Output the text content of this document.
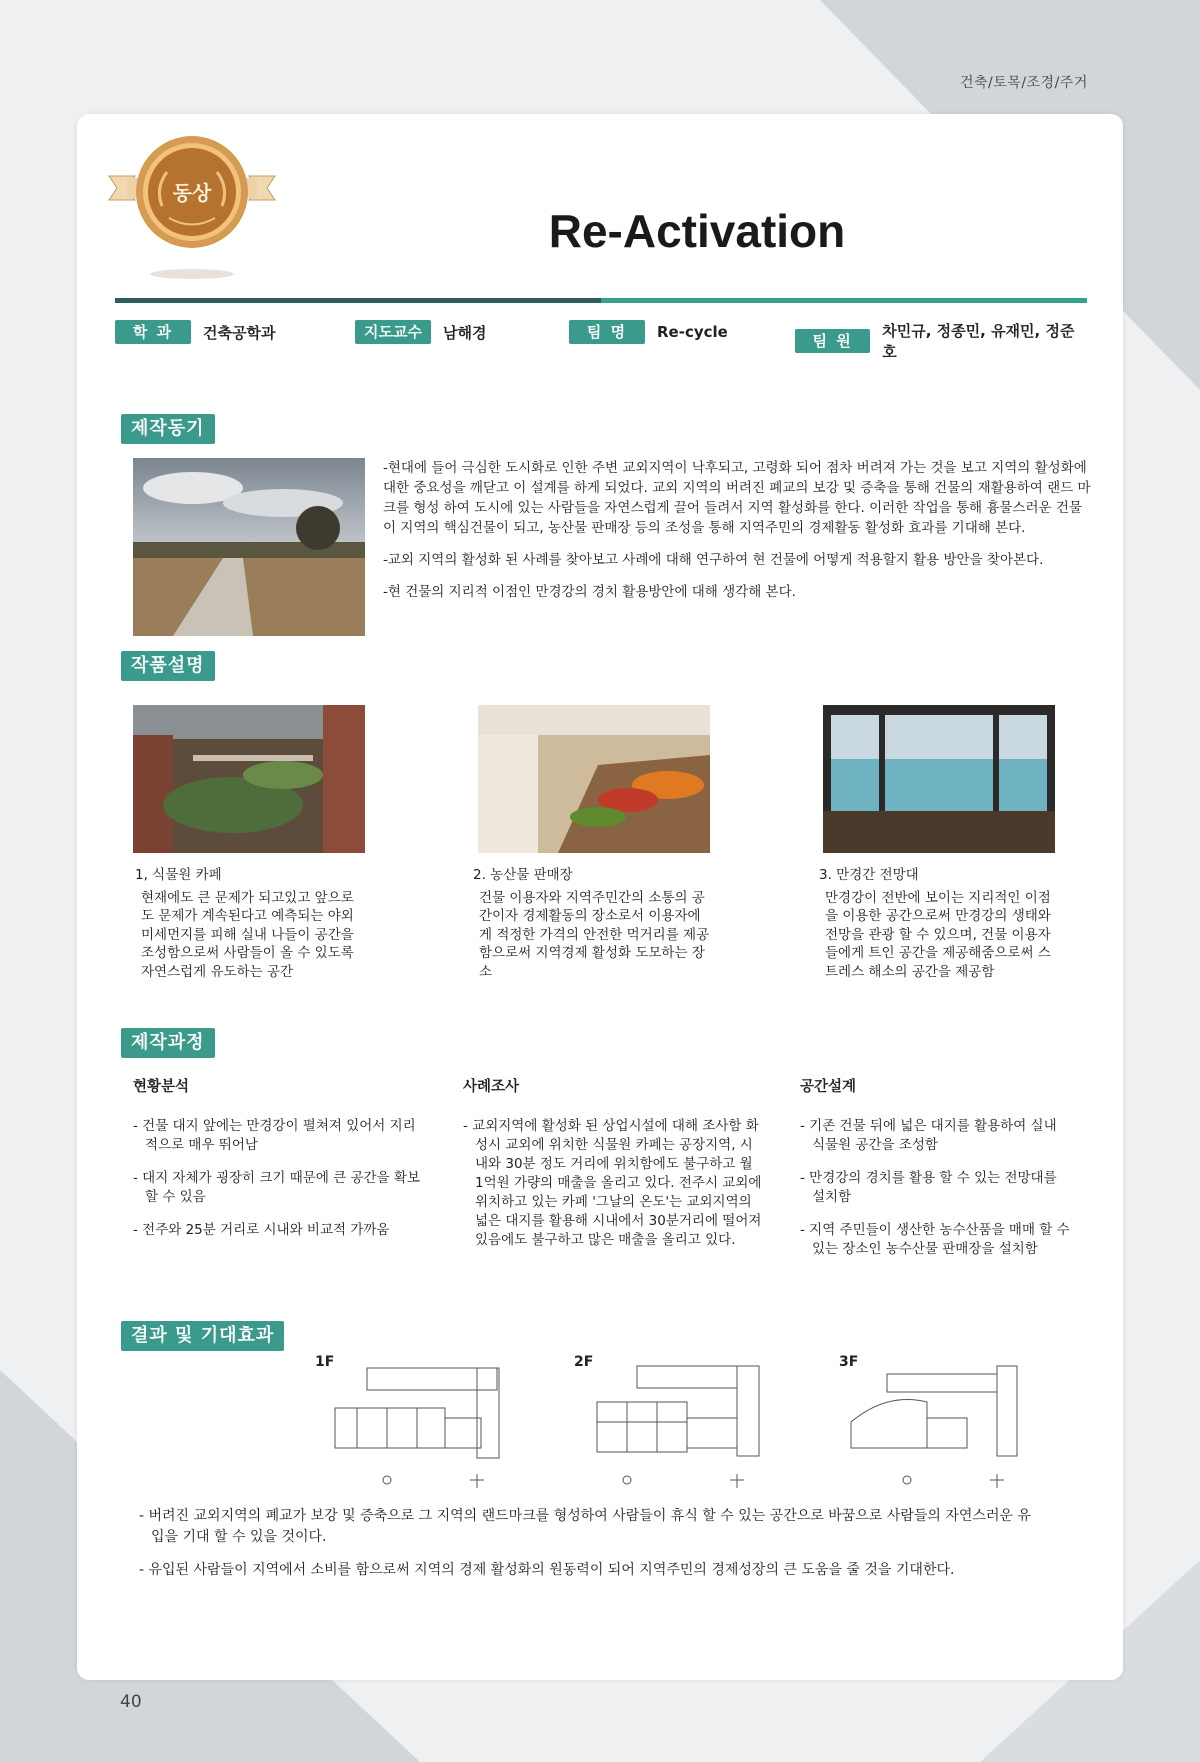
건축/토목/조경/주거
동상
Re-Activation
학 과	건축공학과	지도교수	남해경	팀 명	Re-cycle	팀 원
차민규, 정종민, 유재민, 정준호
제작동기

-현대에 들어 극심한 도시화로 인한 주변 교외지역이 낙후되고, 고령화 되어 점차 버려져 가는 것을 보고 지역의 활성화에 대한 중요성을 깨닫고 이 설계를 하게 되었다. 교외 지역의 버려진 폐교의 보강 및 증축을 통해 건물의 재활용하여 랜드 마크를 형성 하여 도시에 있는 사람들을 자연스럽게 끌어 들려서 지역 활성화를 한다. 이러한 작업을 통해 흉물스러운 건물이 지역의 핵심건물이 되고, 농산물 판매장 등의 조성을 통해 지역주민의 경제활동 활성화 효과를 기대해 본다.

-교외 지역의 활성화 된 사례를 찾아보고 사례에 대해 연구하여 현 건물에 어떻게 적용할지 활용 방안을 찾아본다.

-현 건물의 지리적 이점인 만경강의 경치 활용방안에 대해 생각해 본다.

작품설명

1, 식물원 카페

현재에도 큰 문제가 되고있고 앞으로도 문제가 계속된다고 예측되는 야외 미세먼지를 피해 실내 나들이 공간을 조성함으로써 사람들이 올 수 있도록 자연스럽게 유도하는 공간

2. 농산물 판매장

건물 이용자와 지역주민간의 소통의 공간이자 경제활동의 장소로서 이용자에게 적정한 가격의 안전한 먹거리를 제공함으로써 지역경제 활성화 도모하는 장소

3. 만경간 전망대

만경강이 전반에 보이는 지리적인 이점을 이용한 공간으로써 만경강의 생태와 전망을 관광 할 수 있으며, 건물 이용자들에게 트인 공간을 제공해줌으로써 스트레스 해소의 공간을 제공함

제작과정
현황분석
- 건물 대지 앞에는 만경강이 펼쳐져 있어서 지리적으로 매우 뛰어남
- 대지 자체가 굉장히 크기 때문에 큰 공간을 확보 할 수 있음
- 전주와 25분 거리로 시내와 비교적 가까움
사례조사
- 교외지역에 활성화 된 상업시설에 대해 조사함 화성시 교외에 위치한 식물원 카페는 공장지역, 시내와 30분 정도 거리에 위치함에도 불구하고 월 1억원 가량의 매출을 올리고 있다. 전주시 교외에 위치하고 있는 카페 '그날의 온도'는 교외지역의 넓은 대지를 활용해 시내에서 30분거리에 떨어져 있음에도 불구하고 많은 매출을 올리고 있다.
공간설계
- 기존 건물 뒤에 넓은 대지를 활용하여 실내 식물원 공간을 조성함
- 만경강의 경치를 활용 할 수 있는 전망대를 설치함
- 지역 주민들이 생산한 농수산품을 매매 할 수 있는 장소인 농수산물 판매장을 설치함
결과 및 기대효과
1F	2F	3F

- 버려진 교외지역의 폐교가 보강 및 증축으로 그 지역의 랜드마크를 형성하여 사람들이 휴식 할 수 있는 공간으로 바꿈으로 사람들의 자연스러운 유입을 기대 할 수 있을 것이다.

- 유입된 사람들이 지역에서 소비를 함으로써 지역의 경제 활성화의 원동력이 되어 지역주민의 경제성장의 큰 도움을 줄 것을 기대한다.

40
